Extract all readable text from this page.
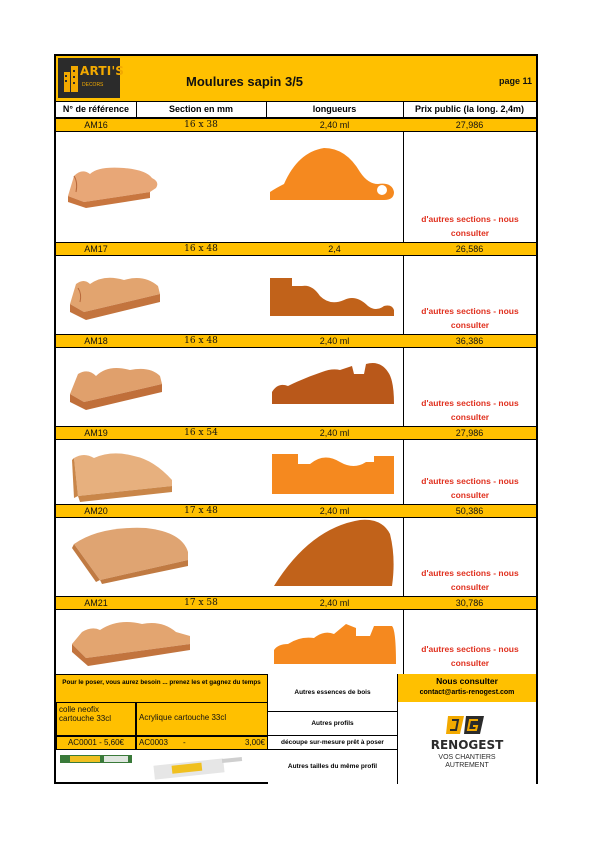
ARTI'S
DECORS	Moulures sapin 3/5	page 11
N° de référence	Section en mm	longueurs	Prix public (la long. 2,4m)
AM16	16 x 38	2,40 ml	27,986
d'autres sections - nous
consulter
AM17	16 x 48	2,4	26,586
d'autres sections - nous
consulter
AM18	16 x 48	2,40 ml	36,386
d'autres sections - nous
consulter
AM19	16 x 54	2,40 ml	27,986
d'autres sections - nous
consulter
AM20	17 x 48	2,40 ml	50,386
d'autres sections - nous
consulter
AM21	17 x 58	2,40 ml	30,786
d'autres sections - nous
consulter
Pour le poser, vous aurez besoin ... prenez les et gagnez du temps
colle neofix
cartouche 33cl	Acrylique cartouche 33cl
AC0001 - 5,60€	AC0003 -	3,00€
Autres essences de bois
Autres profils
découpe sur-mesure prêt à poser
Autres tailles du même profil
Nous consulter
contact@artis-renogest.com
RENOGEST
VOS CHANTIERS
AUTREMENT
